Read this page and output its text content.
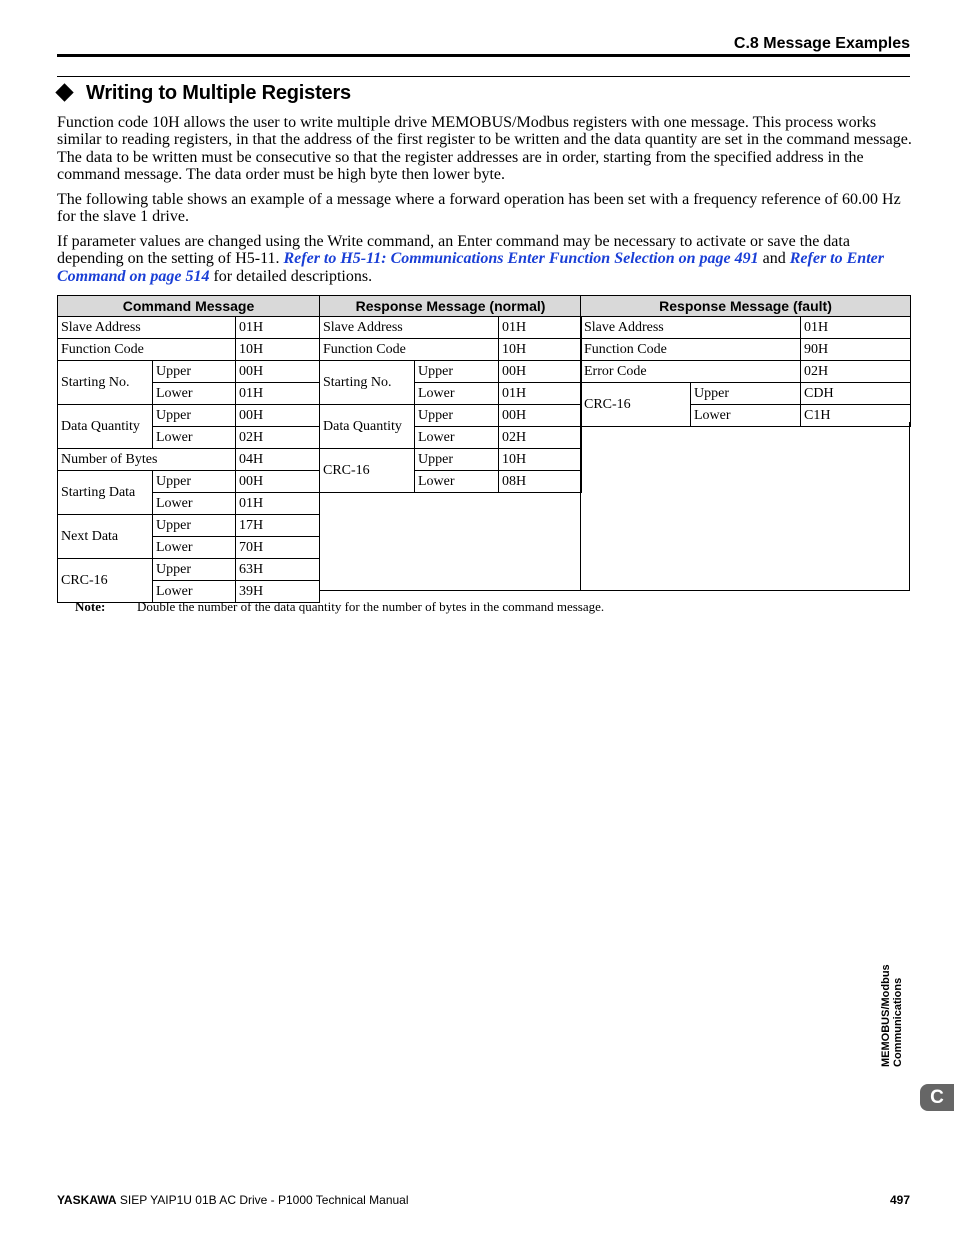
C.8 Message Examples
Writing to Multiple Registers

Function code 10H allows the user to write multiple drive MEMOBUS/Modbus registers with one message. This process works similar to reading registers, in that the address of the first register to be written and the data quantity are set in the command message. The data to be written must be consecutive so that the register addresses are in order, starting from the specified address in the command message. The data order must be high byte then lower byte.

The following table shows an example of a message where a forward operation has been set with a frequency reference of 60.00 Hz for the slave 1 drive.

If parameter values are changed using the Write command, an Enter command may be necessary to activate or save the data depending on the setting of H5-11. Refer to H5-11: Communications Enter Function Selection on page 491 and Refer to Enter Command on page 514 for detailed descriptions.

Command Message		
Slave Address		01H
Function Code		10H
Starting No.	Upper	00H
	Lower	01H
Data Quantity	Upper	00H
	Lower	02H
Number of Bytes		04H
Starting Data	Upper	00H
	Lower	01H
Next Data	Upper	17H
	Lower	70H
CRC-16	Upper	63H
	Lower	39H
Response Message (normal)		
Slave Address		01H
Function Code		10H
Starting No.	Upper	00H
	Lower	01H
Data Quantity	Upper	00H
	Lower	02H
CRC-16	Upper	10H
	Lower	08H
Response Message (fault)		
Slave Address		01H
Function Code		90H
Error Code		02H
CRC-16	Upper	CDH
	Lower	C1H
Note: Double the number of the data quantity for the number of bytes in the command message.
MEMOBUS/Modbus Communications
C
YASKAWA SIEP YAIP1U 01B AC Drive - P1000 Technical Manual	497
